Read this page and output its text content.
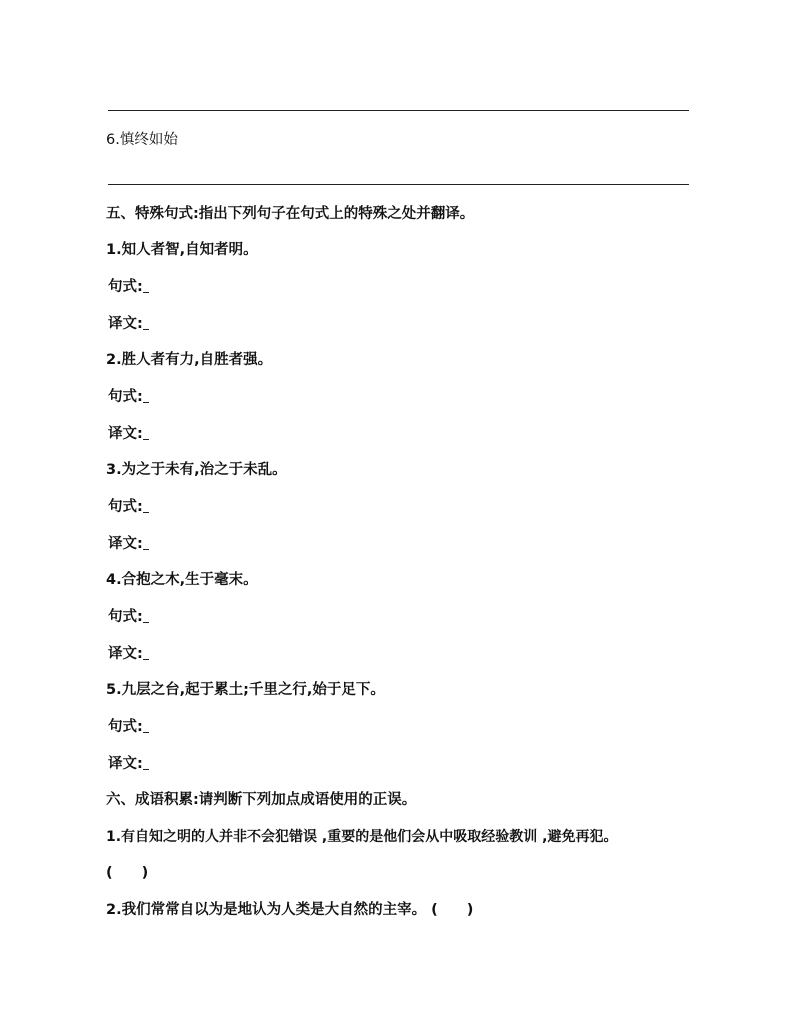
6.慎终如始
五、特殊句式:指出下列句子在句式上的特殊之处并翻译。
1.知人者智,自知者明。
句式:
译文:
2.胜人者有力,自胜者强。
句式:
译文:
3.为之于未有,治之于未乱。
句式:
译文:
4.合抱之木,生于毫末。
句式:
译文:
5.九层之台,起于累土;千里之行,始于足下。
句式:
译文:
六、成语积累:请判断下列加点成语使用的正误。
1.有自知之明的人并非不会犯错误 ,重要的是他们会从中吸取经验教训 ,避免再犯。
(　　)
2.我们常常自以为是地认为人类是大自然的主宰。 (　　)
